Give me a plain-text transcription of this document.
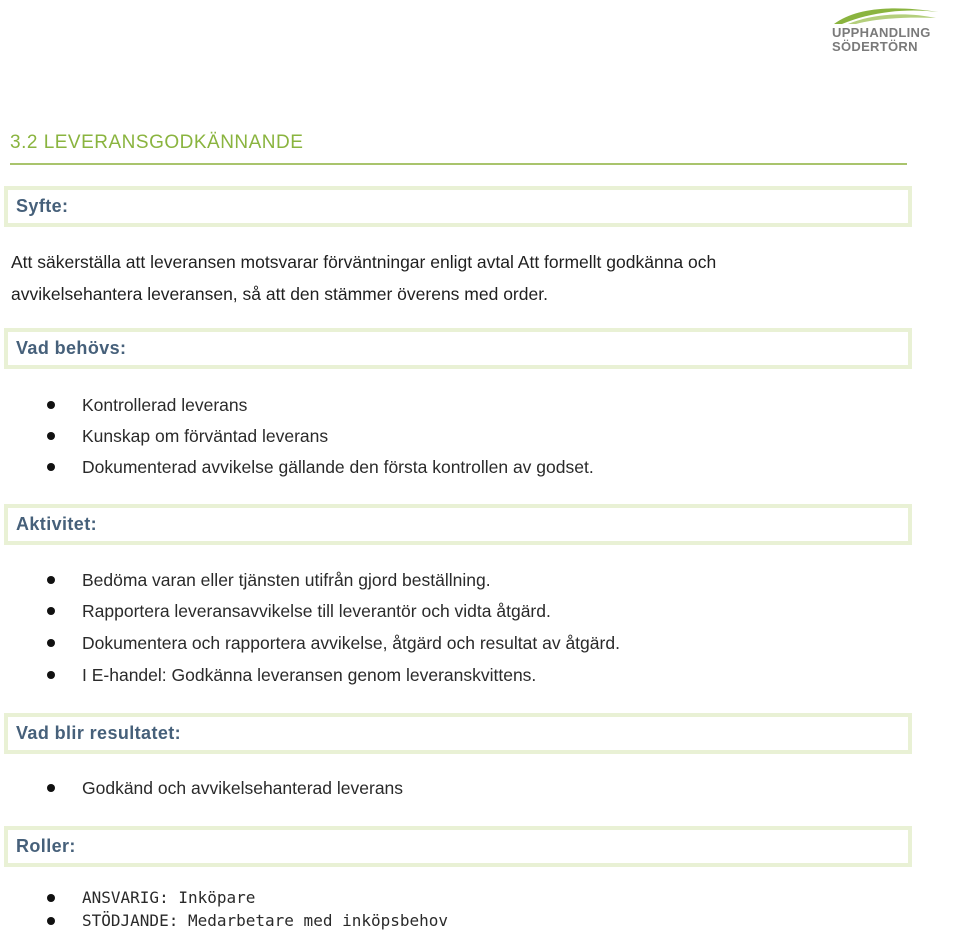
UPPHANDLING
SÖDERTÖRN
3.2 LEVERANSGODKÄNNANDE
Syfte:
Att säkerställa att leveransen motsvarar förväntningar enligt avtal Att formellt godkänna och
avvikelsehantera leveransen, så att den stämmer överens med order.
Vad behövs:
Kontrollerad leverans
Kunskap om förväntad leverans
Dokumenterad avvikelse gällande den första kontrollen av godset.
Aktivitet:
Bedöma varan eller tjänsten utifrån gjord beställning.
Rapportera leveransavvikelse till leverantör och vidta åtgärd.
Dokumentera och rapportera avvikelse, åtgärd och resultat av åtgärd.
I E-handel: Godkänna leveransen genom leveranskvittens.
Vad blir resultatet:
Godkänd och avvikelsehanterad leverans
Roller:
ANSVARIG: Inköpare
STÖDJANDE: Medarbetare med inköpsbehov
